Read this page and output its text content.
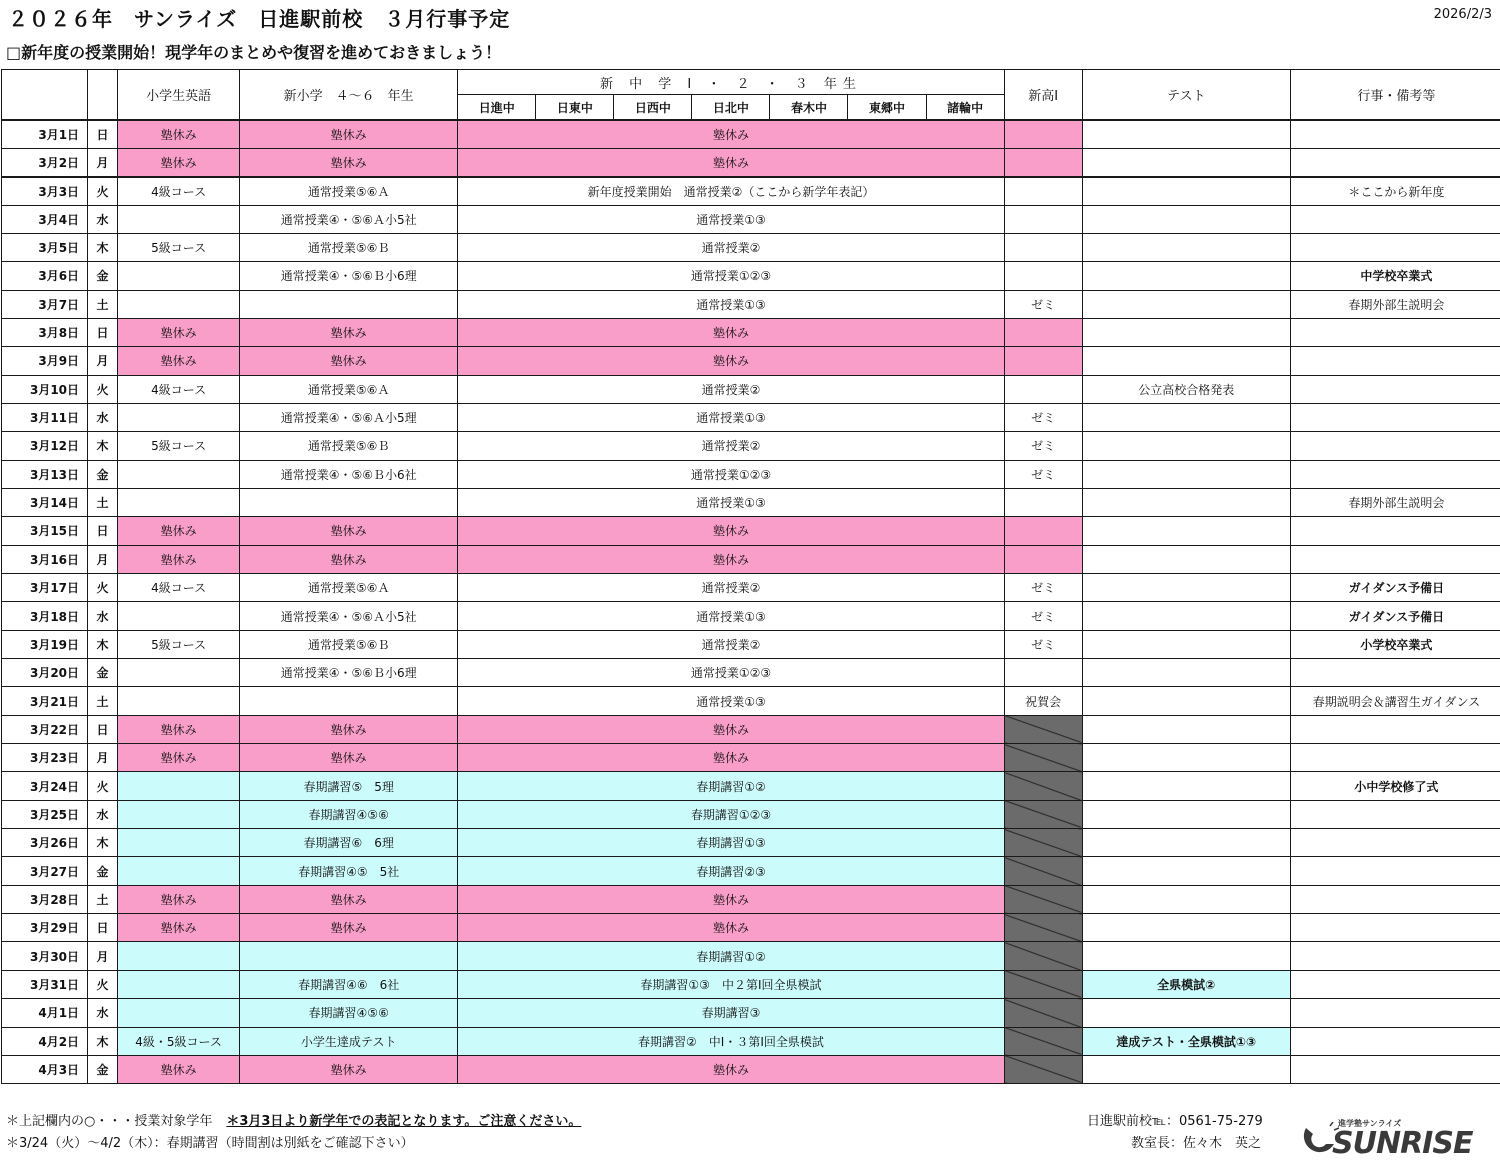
２０２６年　サンライズ　日進駅前校　３月行事予定	2026/2/3
□新年度の授業開始！現学年のまとめや復習を進めておきましょう！
		小学生英語	新小学　４～６　年生	新 中 学 Ⅰ ・ ２ ・ ３ 年生							新高Ⅰ	テスト	行事・備考等
				日進中	日東中	日西中	日北中	春木中	東郷中	諸輪中			
3月1日	日	塾休み	塾休み	塾休み									
3月2日	月	塾休み	塾休み	塾休み									
3月3日	火	4級コース	通常授業⑤⑥Ａ	新年度授業開始　通常授業②（ここから新学年表記）									＊ここから新年度
3月4日	水		通常授業④・⑤⑥Ａ小5社	通常授業①③									
3月5日	木	5級コース	通常授業⑤⑥Ｂ	通常授業②									
3月6日	金		通常授業④・⑤⑥Ｂ小6理	通常授業①②③									中学校卒業式
3月7日	土			通常授業①③							ゼミ		春期外部生説明会
3月8日	日	塾休み	塾休み	塾休み									
3月9日	月	塾休み	塾休み	塾休み									
3月10日	火	4級コース	通常授業⑤⑥Ａ	通常授業②								公立高校合格発表	
3月11日	水		通常授業④・⑤⑥Ａ小5理	通常授業①③							ゼミ		
3月12日	木	5級コース	通常授業⑤⑥Ｂ	通常授業②							ゼミ		
3月13日	金		通常授業④・⑤⑥Ｂ小6社	通常授業①②③							ゼミ		
3月14日	土			通常授業①③									春期外部生説明会
3月15日	日	塾休み	塾休み	塾休み									
3月16日	月	塾休み	塾休み	塾休み									
3月17日	火	4級コース	通常授業⑤⑥Ａ	通常授業②							ゼミ		ガイダンス予備日
3月18日	水		通常授業④・⑤⑥Ａ小5社	通常授業①③							ゼミ		ガイダンス予備日
3月19日	木	5級コース	通常授業⑤⑥Ｂ	通常授業②							ゼミ		小学校卒業式
3月20日	金		通常授業④・⑤⑥Ｂ小6理	通常授業①②③									
3月21日	土			通常授業①③							祝賀会		春期説明会＆講習生ガイダンス
3月22日	日	塾休み	塾休み	塾休み									
3月23日	月	塾休み	塾休み	塾休み									
3月24日	火		春期講習⑤　5理	春期講習①②									小中学校修了式
3月25日	水		春期講習④⑤⑥	春期講習①②③									
3月26日	木		春期講習⑥　6理	春期講習①③									
3月27日	金		春期講習④⑤　5社	春期講習②③									
3月28日	土	塾休み	塾休み	塾休み									
3月29日	日	塾休み	塾休み	塾休み									
3月30日	月			春期講習①②									
3月31日	火		春期講習④⑥　6社	春期講習①③　中２第Ⅰ回全県模試								全県模試②	
4月1日	水		春期講習④⑤⑥	春期講習③									
4月2日	木	4級・5級コース	小学生達成テスト	春期講習②　中Ⅰ・３第Ⅰ回全県模試								達成テスト・全県模試①③	
4月3日	金	塾休み	塾休み	塾休み									
＊上記欄内の○・・・授業対象学年 ＊3月3日より新学年での表記となります。ご注意ください。
＊3/24（火）～4/2（木）：春期講習（時間割は別紙をご確認下さい）
日進駅前校℡：0561-75-279
教室長：佐々木　英之
進学塾サンライズ
SUNRISE
